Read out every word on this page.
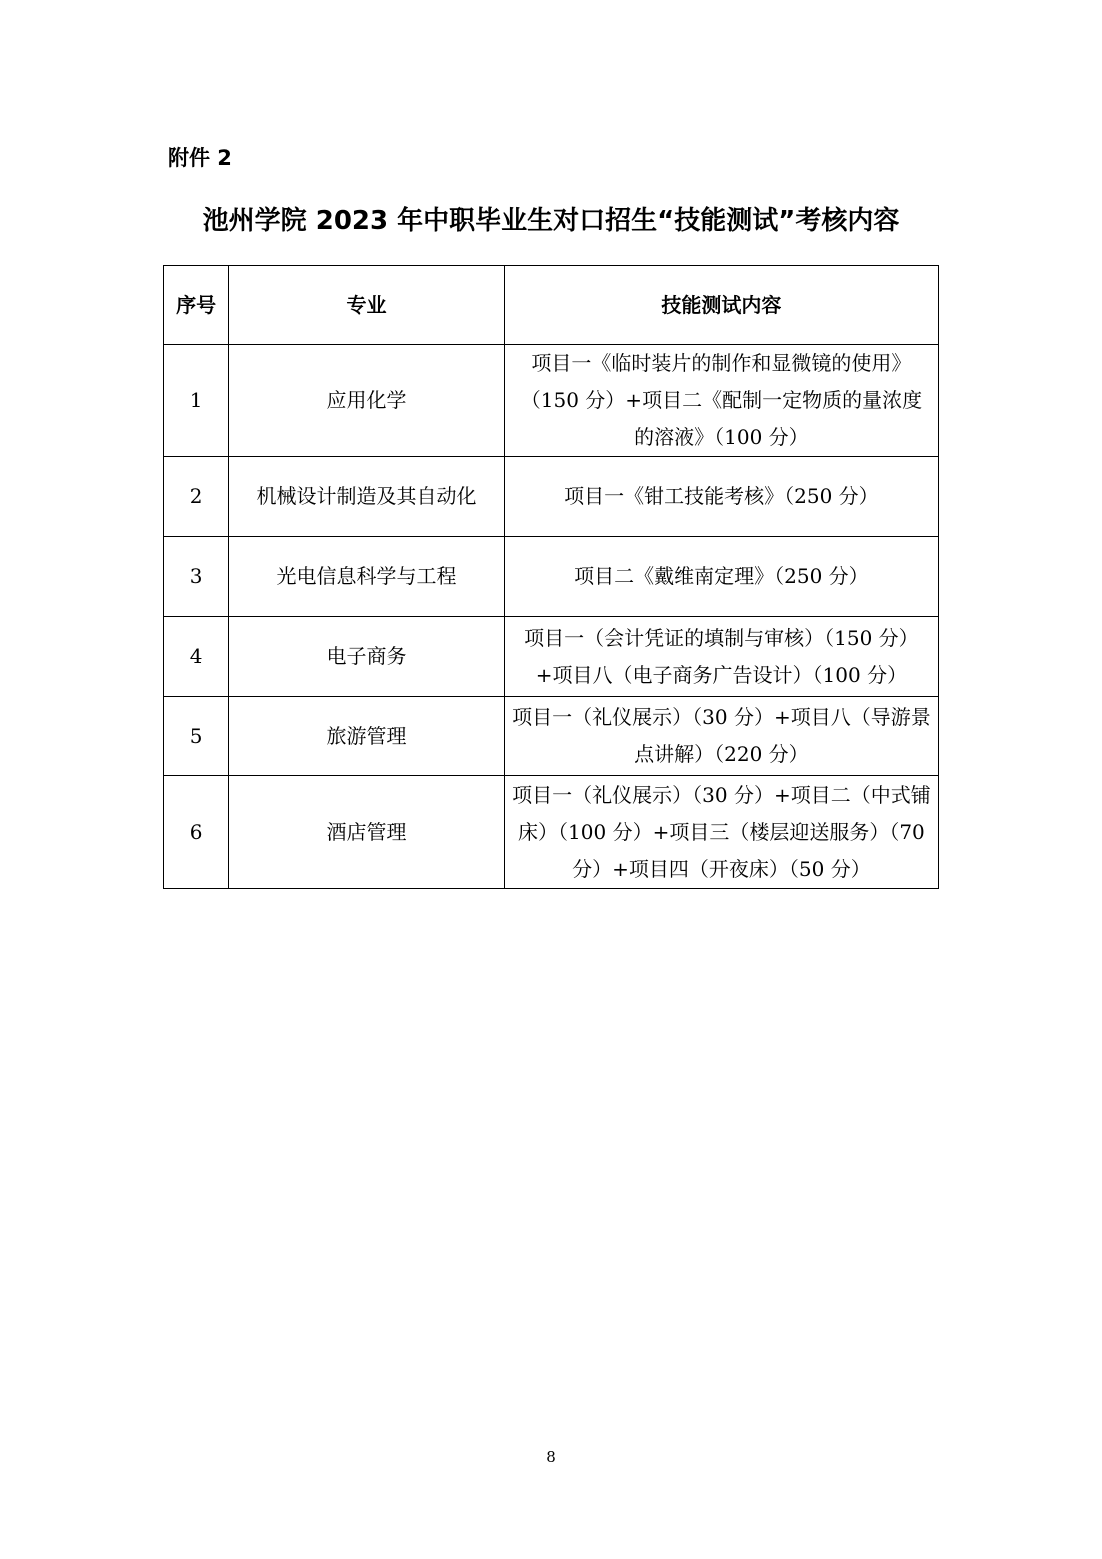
附件 2
池州学院 2023 年中职毕业生对口招生“技能测试”考核内容
序号	专业	技能测试内容
1	应用化学	项目一《临时装片的制作和显微镜的使用》（150 分）+项目二《配制一定物质的量浓度的溶液》（100 分）
2	机械设计制造及其自动化	项目一《钳工技能考核》（250 分）
3	光电信息科学与工程	项目二《戴维南定理》（250 分）
4	电子商务	项目一（会计凭证的填制与审核）（150 分）+项目八（电子商务广告设计）（100 分）
5	旅游管理	项目一（礼仪展示）（30 分）+项目八（导游景点讲解）（220 分）
6	酒店管理	项目一（礼仪展示）（30 分）+项目二（中式铺床）（100 分）+项目三（楼层迎送服务）（70 分）+项目四（开夜床）（50 分）
8
